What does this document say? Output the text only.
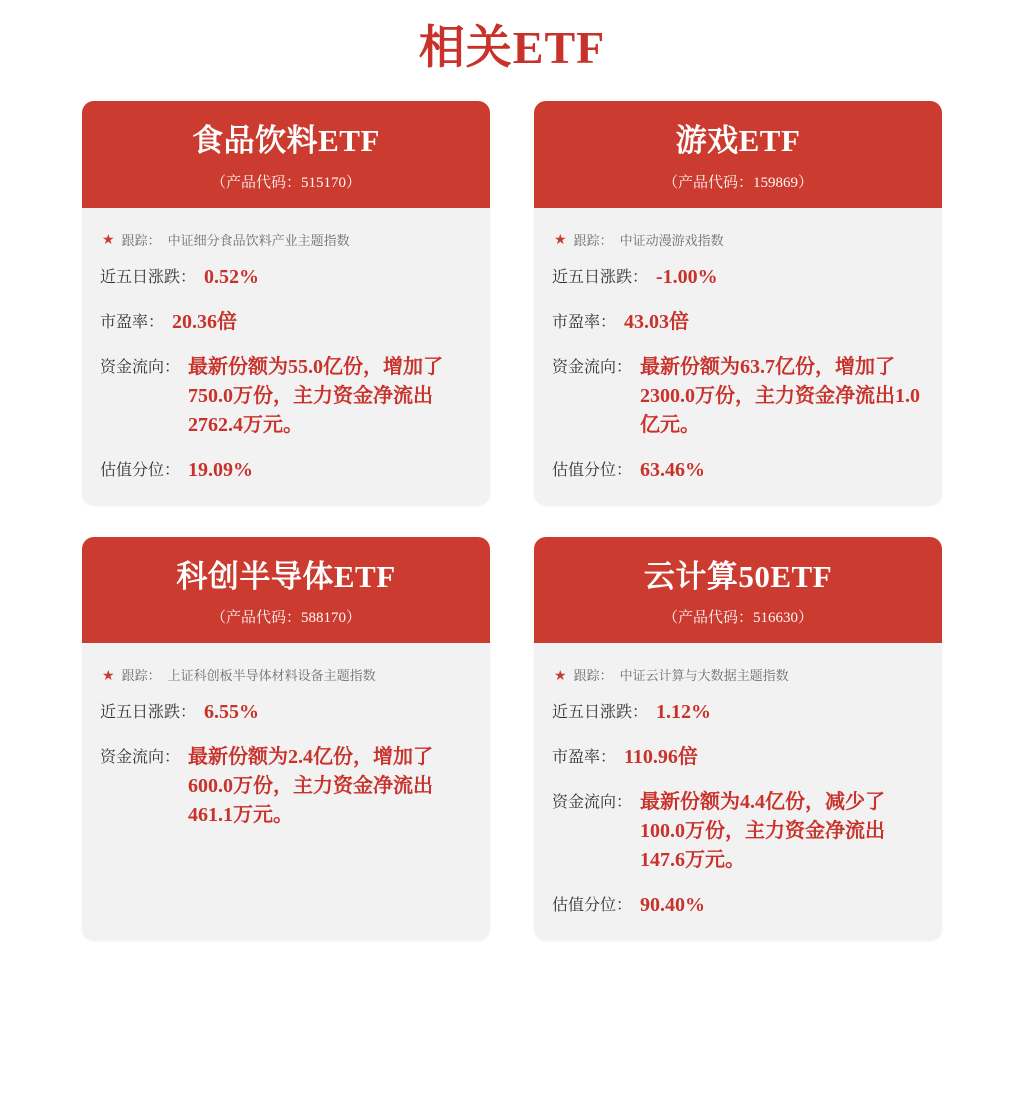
相关ETF
食品饮料ETF
（产品代码：515170）
★ 跟踪： 中证细分食品饮料产业主题指数
近五日涨跌： 0.52%
市盈率： 20.36倍
资金流向： 最新份额为55.0亿份，增加了750.0万份，主力资金净流出2762.4万元。
估值分位： 19.09%
游戏ETF
（产品代码：159869）
★ 跟踪： 中证动漫游戏指数
近五日涨跌： -1.00%
市盈率： 43.03倍
资金流向： 最新份额为63.7亿份，增加了2300.0万份，主力资金净流出1.0亿元。
估值分位： 63.46%
科创半导体ETF
（产品代码：588170）
★ 跟踪： 上证科创板半导体材料设备主题指数
近五日涨跌： 6.55%
资金流向： 最新份额为2.4亿份，增加了600.0万份，主力资金净流出461.1万元。
云计算50ETF
（产品代码：516630）
★ 跟踪： 中证云计算与大数据主题指数
近五日涨跌： 1.12%
市盈率： 110.96倍
资金流向： 最新份额为4.4亿份，减少了100.0万份，主力资金净流出147.6万元。
估值分位： 90.40%
